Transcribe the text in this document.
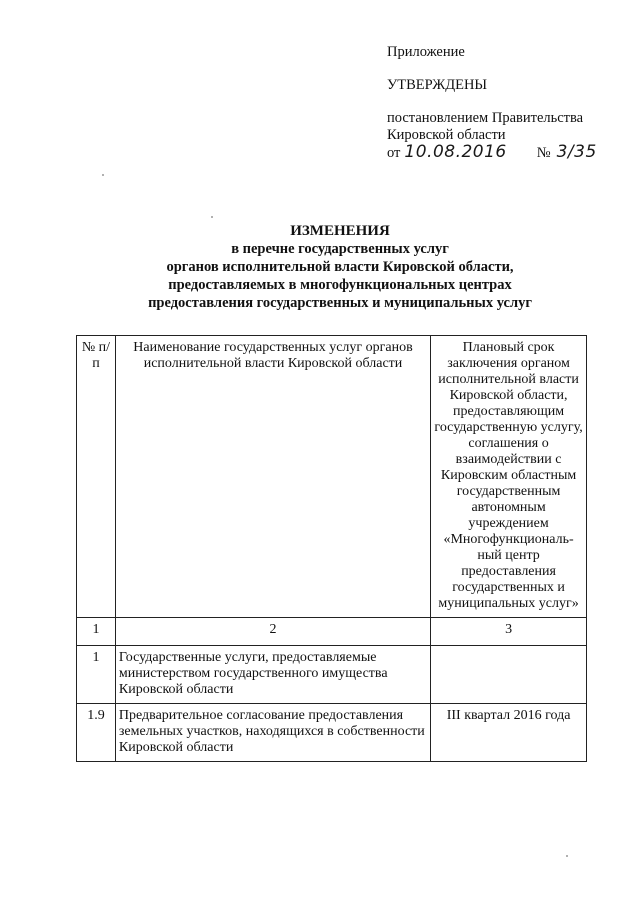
Приложение
УТВЕРЖДЕНЫ
постановлением Правительства
Кировской области
от 10.08.2016 № 3/35
ИЗМЕНЕНИЯ
в перечне государственных услуг
органов исполнительной власти Кировской области,
предоставляемых в многофункциональных центрах
предоставления государственных и муниципальных услуг
№ п/п	Наименование государственных услуг органов исполнительной власти Кировской области	Плановый срок заключения органом исполнительной власти Кировской области, предоставляющим государственную услугу, соглашения о взаимодействии с Кировским областным государственным автономным учреждением «Многофункциональ-ный центр предоставления государственных и муниципальных услуг»
1	2	3
1	Государственные услуги, предоставляемые министерством государственного имущества Кировской области	
1.9	Предварительное согласование предоставления земельных участков, находящихся в собственности Кировской области	III квартал 2016 года
